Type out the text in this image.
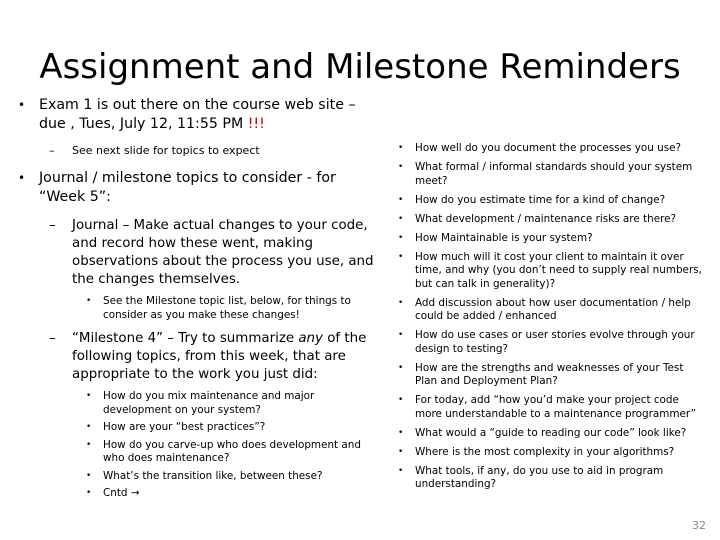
Assignment and Milestone Reminders
• Exam 1 is out there on the course web site – due , Tues, July 12, 11:55 PM !!!
– See next slide for topics to expect
• Journal / milestone topics to consider - for “Week 5”:
– Journal – Make actual changes to your code, and record how these went, making observations about the process you use, and the changes themselves.
• See the Milestone topic list, below, for things to consider as you make these changes!
– “Milestone 4” – Try to summarize any of the following topics, from this week, that are appropriate to the work you just did:
• How do you mix maintenance and major development on your system?
• How are your “best practices”?
• How do you carve-up who does development and who does maintenance?
• What’s the transition like, between these?
• Cntd →
• How well do you document the processes you use?
• What formal / informal standards should your system meet?
• How do you estimate time for a kind of change?
• What development / maintenance risks are there?
• How Maintainable is your system?
• How much will it cost your client to maintain it over time, and why (you don’t need to supply real numbers, but can talk in generality)?
• Add discussion about how user documentation / help could be added / enhanced
• How do use cases or user stories evolve through your design to testing?
• How are the strengths and weaknesses of your Test Plan and Deployment Plan?
• For today, add “how you’d make your project code more understandable to a maintenance programmer”
• What would a “guide to reading our code” look like?
• Where is the most complexity in your algorithms?
• What tools, if any, do you use to aid in program understanding?
32
